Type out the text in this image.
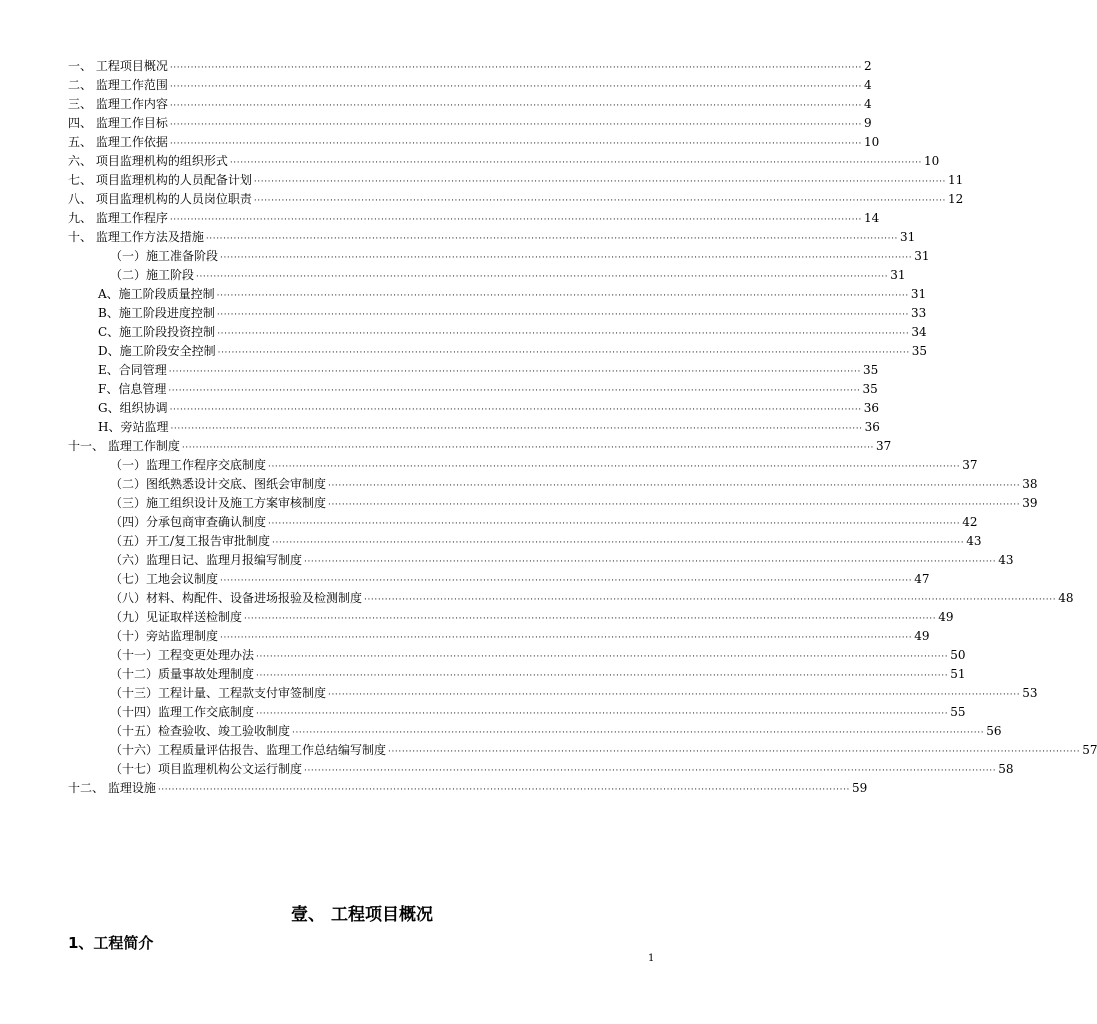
一、 工程项目概况 ········································································································································································································ 2
二、 监理工作范围 ········································································································································································································ 4
三、 监理工作内容 ········································································································································································································ 4
四、 监理工作目标 ········································································································································································································ 9
五、 监理工作依据 ········································································································································································································ 10
六、 项目监理机构的组织形式 ········································································································································································································ 10
七、 项目监理机构的人员配备计划 ········································································································································································································ 11
八、 项目监理机构的人员岗位职责 ········································································································································································································ 12
九、 监理工作程序 ········································································································································································································ 14
十、 监理工作方法及措施 ········································································································································································································ 31
（一）施工准备阶段 ········································································································································································································ 31
（二）施工阶段 ········································································································································································································ 31
A、施工阶段质量控制 ········································································································································································································ 31
B、施工阶段进度控制 ········································································································································································································ 33
C、施工阶段投资控制 ········································································································································································································ 34
D、施工阶段安全控制 ········································································································································································································ 35
E、合同管理 ········································································································································································································ 35
F、信息管理 ········································································································································································································ 35
G、组织协调 ········································································································································································································ 36
H、旁站监理 ········································································································································································································ 36
十一、 监理工作制度 ········································································································································································································ 37
（一）监理工作程序交底制度 ········································································································································································································ 37
（二）图纸熟悉设计交底、图纸会审制度 ········································································································································································································ 38
（三）施工组织设计及施工方案审核制度 ········································································································································································································ 39
（四）分承包商审查确认制度 ········································································································································································································ 42
（五）开工/复工报告审批制度 ········································································································································································································ 43
（六）监理日记、监理月报编写制度 ········································································································································································································ 43
（七）工地会议制度 ········································································································································································································ 47
（八）材料、构配件、设备进场报验及检测制度 ········································································································································································································ 48
（九）见证取样送检制度 ········································································································································································································ 49
（十）旁站监理制度 ········································································································································································································ 49
（十一）工程变更处理办法 ········································································································································································································ 50
（十二）质量事故处理制度 ········································································································································································································ 51
（十三）工程计量、工程款支付审签制度 ········································································································································································································ 53
（十四）监理工作交底制度 ········································································································································································································ 55
（十五）检查验收、竣工验收制度 ········································································································································································································ 56
（十六）工程质量评估报告、监理工作总结编写制度 ········································································································································································································ 57
（十七）项目监理机构公文运行制度 ········································································································································································································ 58
十二、 监理设施 ········································································································································································································ 59
壹、 工程项目概况
1、工程简介
1
